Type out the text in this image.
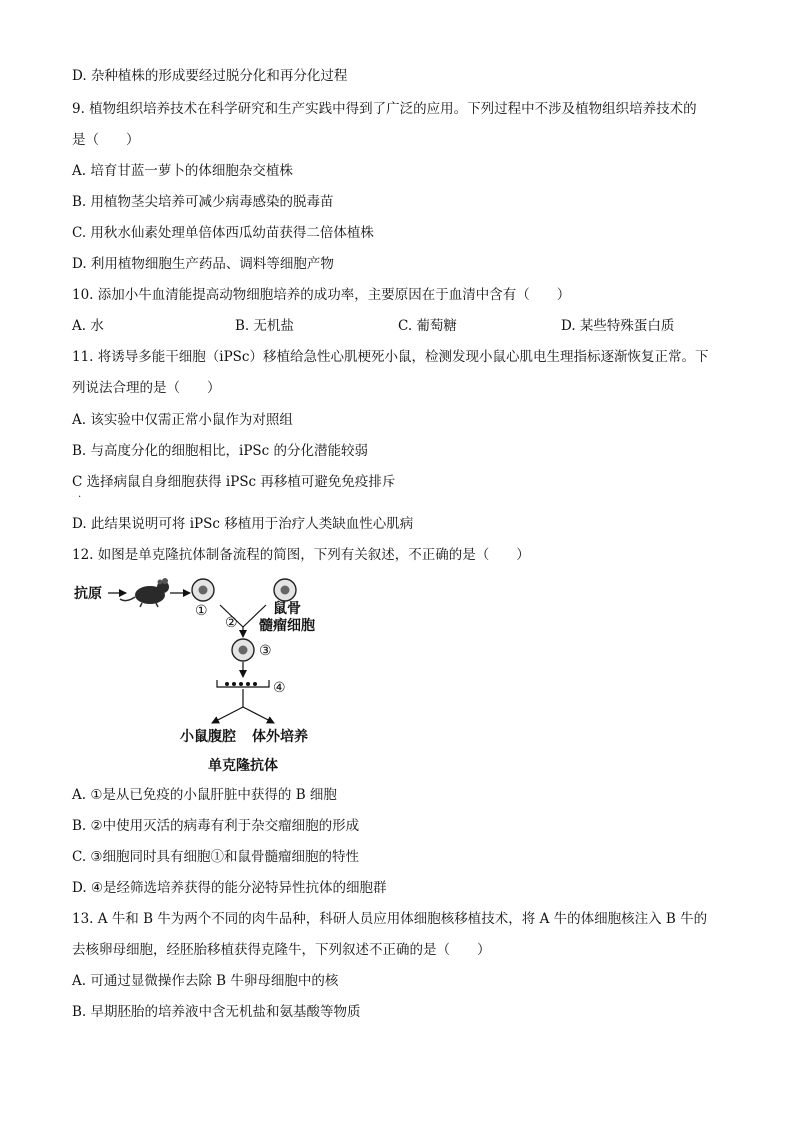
D. 杂种植株的形成要经过脱分化和再分化过程
9. 植物组织培养技术在科学研究和生产实践中得到了广泛的应用。下列过程中不涉及植物组织培养技术的
是（　　）
A. 培育甘蓝一萝卜的体细胞杂交植株
B. 用植物茎尖培养可减少病毒感染的脱毒苗
C. 用秋水仙素处理单倍体西瓜幼苗获得二倍体植株
D. 利用植物细胞生产药品、调料等细胞产物
10. 添加小牛血清能提高动物细胞培养的成功率，主要原因在于血清中含有（　　）
A. 水	B. 无机盐	C. 葡萄糖	D. 某些特殊蛋白质
11. 将诱导多能干细胞（iPSc）移植给急性心肌梗死小鼠，检测发现小鼠心肌电生理指标逐渐恢复正常。下
列说法合理的是（　　）
A. 该实验中仅需正常小鼠作为对照组
B. 与高度分化的细胞相比，iPSc 的分化潜能较弱
C 选择病鼠自身细胞获得 iPSc 再移植可避免免疫排斥
.
D. 此结果说明可将 iPSc 移植用于治疗人类缺血性心肌病
12. 如图是单克隆抗体制备流程的简图，下列有关叙述，不正确的是（　　）
抗原
①	鼠骨
髓瘤细胞
②
③
④
小鼠腹腔 体外培养
单克隆抗体
A. ①是从已免疫的小鼠肝脏中获得的 B 细胞
B. ②中使用灭活的病毒有利于杂交瘤细胞的形成
C. ③细胞同时具有细胞①和鼠骨髓瘤细胞的特性
D. ④是经筛选培养获得的能分泌特异性抗体的细胞群
13. A 牛和 B 牛为两个不同的肉牛品种，科研人员应用体细胞核移植技术，将 A 牛的体细胞核注入 B 牛的
去核卵母细胞，经胚胎移植获得克隆牛，下列叙述不正确的是（　　）
A. 可通过显微操作去除 B 牛卵母细胞中的核
B. 早期胚胎的培养液中含无机盐和氨基酸等物质
